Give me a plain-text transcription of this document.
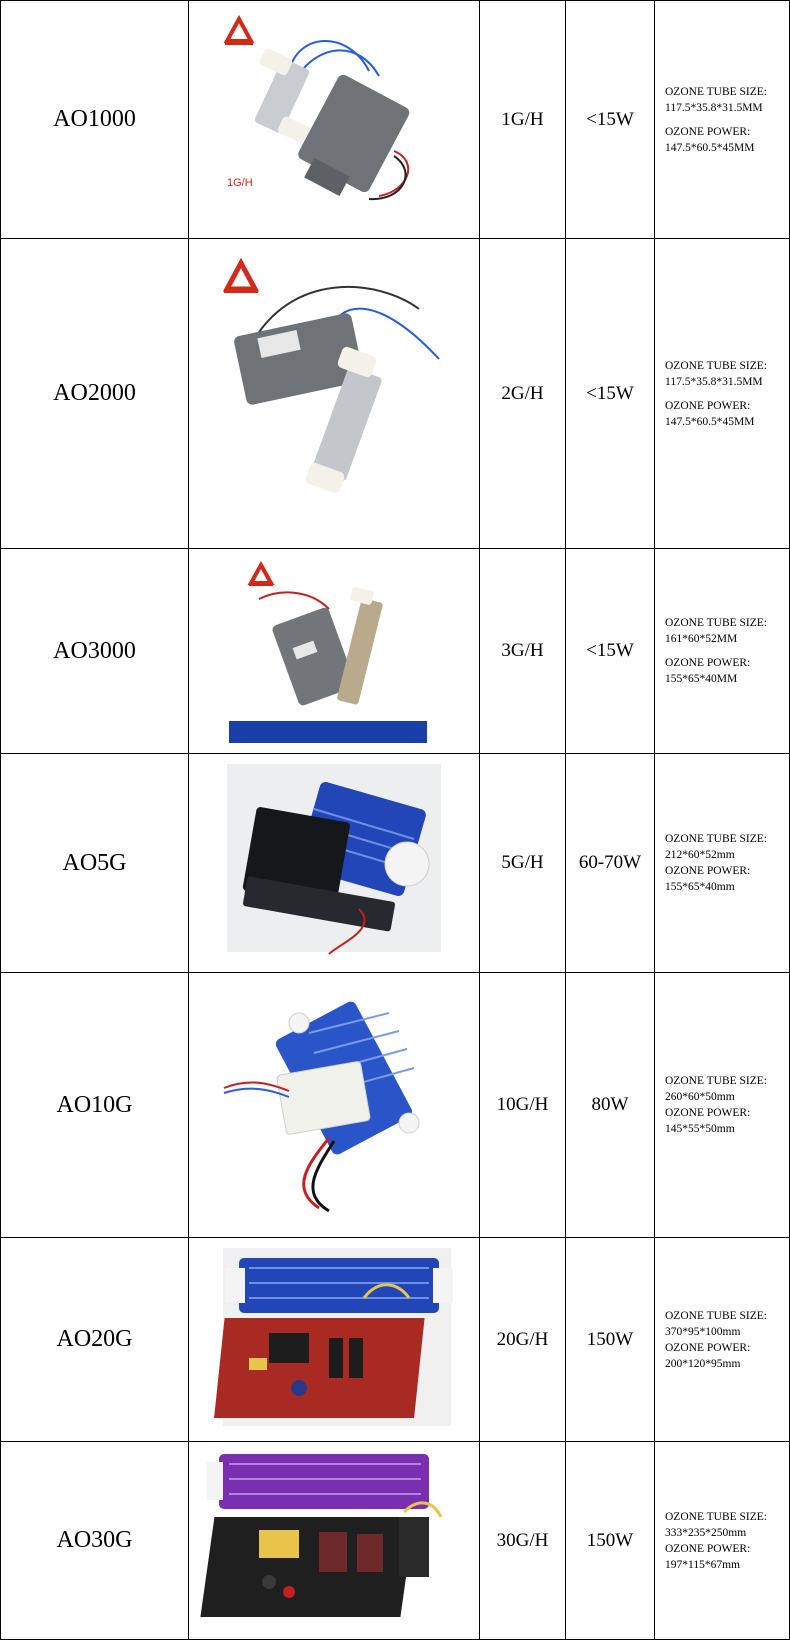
AO1000	1G/H	1G/H	<15W	OZONE TUBE SIZE:
117.5*35.8*31.5MM
OZONE POWER:
147.5*60.5*45MM

AO2000		2G/H	<15W	OZONE TUBE SIZE:
117.5*35.8*31.5MM
OZONE POWER:
147.5*60.5*45MM

AO3000		3G/H	<15W	OZONE TUBE SIZE:
161*60*52MM
OZONE POWER:
155*65*40MM

AO5G		5G/H	60-70W	OZONE TUBE SIZE:
212*60*52mm
OZONE POWER:
155*65*40mm

AO10G		10G/H	80W	OZONE TUBE SIZE:
260*60*50mm
OZONE POWER:
145*55*50mm

AO20G		20G/H	150W	OZONE TUBE SIZE:
370*95*100mm
OZONE POWER:
200*120*95mm

AO30G		30G/H	150W	OZONE TUBE SIZE:
333*235*250mm
OZONE POWER:
197*115*67mm
